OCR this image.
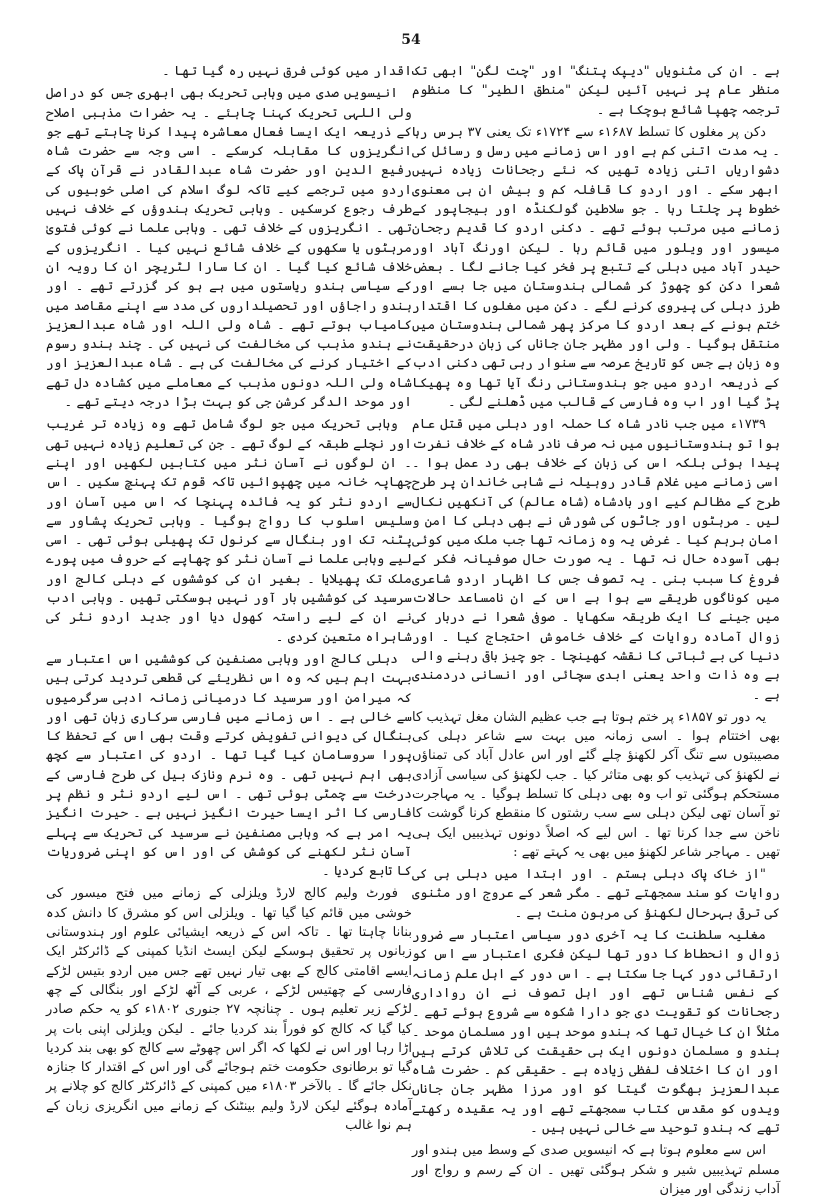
54

ہے ۔ ان کی مثنویاں "دیپک پتنگ" اور "چت لگن" ابھی تک منظر عام پر نہیں آئیں لیکن "منطق الطیر" کا منظوم ترجمہ چھپا شائع ہوچکا ہے ۔

دکن پر مغلوں کا تسلط ۱۶۸۷ء سے ۱۷۲۴ء تک یعنی ۳۷ برس رہا ۔ یہ مدت اتنی کم ہے اور اس زمانے میں رسل و رسائل کی دشواریاں اتنی زیادہ تھیں کہ نئے رجحانات زیادہ نہیں ابھر سکے ۔ اور اردو کا قافلہ کم و بیش ان ہی معنوی خطوط پر چلتا رہا ۔ جو سلاطین گولکنڈہ اور بیجاپور کے زمانے میں مرتب ہوئے تھے ۔ دکنی اردو کا قدیم رجحان میسور اور ویلور میں قائم رہا ۔ لیکن اورنگ آباد اور حیدر آباد میں دہلی کے تتبع پر فخر کیا جانے لگا ۔ بعض شعرا دکن کو چھوڑ کر شمالی ہندوستان میں جا بسے اور طرز دہلی کی پیروی کرنے لگے ۔ دکن میں مغلوں کا اقتدار ختم ہونے کے بعد اردو کا مرکز پھر شمالی ہندوستان میں منتقل ہوگیا ۔ ولی اور مظہر جان جاناں کی زبان درحقیقت وہ زبان ہے جس کو تاریخ عرصہ سے سنوار رہی تھی دکنی ادب کے ذریعہ اردو میں جو ہندوستانی رنگ آیا تھا وہ پھیکا پڑ گیا اور اب وہ فارسی کے قالب میں ڈھلنے لگی ۔

۱۷۳۹ء میں جب نادر شاہ کا حملہ اور دہلی میں قتل عام ہوا تو ہندوستانیوں میں نہ صرف نادر شاہ کے خلاف نفرت پیدا ہوئی بلکہ اس کی زبان کے خلاف بھی رد عمل ہوا ۔ اسی زمانے میں غلام قادر روہیلہ نے شاہی خاندان پر طرح طرح کے مظالم کیے اور بادشاہ (شاہ عالم) کی آنکھیں نکال لیں ۔ مرہٹوں اور جاٹوں کی شورش نے بھی دہلی کا امن و امان برہم کیا ۔ غرض یہ وہ زمانہ تھا جب ملک میں کوئی بھی آسودہ حال نہ تھا ۔ یہ صورت حال صوفیانہ فکر کے فروغ کا سبب بنی ۔ یہ تصوف جس کا اظہار اردو شاعری میں کوناگوں طریقے سے ہوا ہے اس کے ان نامساعد حالات میں جینے کا ایک طریقہ سکھایا ۔ صوفی شعرا نے دربار کی زوال آمادہ روایات کے خلاف خاموش احتجاج کیا ۔ اور دنیا کی بے ثباتی کا نقشہ کھینچا ۔ جو چیز باقی رہنے والی ہے وہ ذات واحد یعنی ابدی سچائی اور انسانی دردمندی ہے ۔

یہ دور تو ۱۸۵۷ء پر ختم ہوتا ہے جب عظیم الشان مغل تہذیب کا بھی اختتام ہوا ۔ اسی زمانہ میں بہت سے شاعر دہلی کی مصیبتوں سے تنگ آکر لکھنؤ چلے گئے اور اس عادل آباد کی تمناؤں نے لکھنؤ کی تہذیب کو بھی متاثر کیا ۔ جب لکھنؤ کی سیاسی آزادی مستحکم ہوگئی تو اب وہ بھی دہلی کا تسلط ہوگیا ۔ یہ مہاجرت تو آسان تھی لیکن دہلی سے سب رشتوں کا منقطع کرنا گوشت کا ناخن سے جدا کرنا تھا ۔ اس لیے کہ اصلاً دونوں تہذیبیں ایک ہی تھیں ۔ مہاجر شاعر لکھنؤ میں بھی یہ کہتے تھے :

"از خاک پاک دہلی ہستم ۔ اور ابتدا میں دہلی ہی کی روایات کو سند سمجھتے تھے ۔ مگر شعر کے عروج اور مثنوی کی ترقی بہرحال لکھنؤ کی مرہون منت ہے ۔

مغلیہ سلطنت کا یہ آخری دور سیاسی اعتبار سے ضرور زوال و انحطاط کا دور تھا لیکن فکری اعتبار سے اس کو ارتقائی دور کہا جا سکتا ہے ۔ اس دور کے اہل علم زمانہ کے نفس شناس تھے اور اہل تصوف نے ان رواداری رجحانات کو تقویت دی جو دارا شکوہ سے شروع ہوئے تھے ۔ مثلاً ان کا خیال تھا کہ ہندو موحد ہیں اور مسلمان موحد ۔ ہندو و مسلمان دونوں ایک ہی حقیقت کی تلاش کرتے ہیں اور ان کا اختلاف لفظی زیادہ ہے ۔ حقیقی کم ۔ حضرت شاہ عبدالعزیز بھگوت گیتا کو اور مرزا مظہر جان جاناں ویدوں کو مقدس کتاب سمجھتے تھے اور یہ عقیدہ رکھتے تھے کہ ہندو توحید سے خالی نہیں ہیں ۔

اس سے معلوم ہوتا ہے کہ انیسویں صدی کے وسط میں ہندو اور مسلم تہذیبیں شیر و شکر ہوگئی تھیں ۔ ان کے رسم و رواج اور آداب زندگی اور میزان

اقدار میں کوئی فرق نہیں رہ گیا تھا ۔

انیسویں صدی میں وہابی تحریک بھی ابھری جس کو دراصل ولی اللہی تحریک کہنا چاہئے ۔ یہ حضرات مذہبی اصلاح کے ذریعہ ایک ایسا فعال معاشرہ پیدا کرنا چاہتے تھے جو انگریزوں کا مقابلہ کرسکے ۔ اسی وجہ سے حضرت شاہ رفیع الدین اور حضرت شاہ عبدالقادر نے قرآن پاک کے اردو میں ترجمے کیے تاکہ لوگ اسلام کی اصلی خوبیوں کی طرف رجوع کرسکیں ۔ وہابی تحریک ہندوؤں کے خلاف نہیں تھی ۔ انگریزوں کے خلاف تھی ۔ وہابی علما نے کوئی فتویٰ مرہٹوں یا سکھوں کے خلاف شائع نہیں کیا ۔ انگریزوں کے خلاف شائع کیا گیا ۔ ان کا سارا لٹریچر ان کا رویہ ان کے سیاسی ہندو ریاستوں میں ہے ہو کر گزرتے تھے ۔ اور ہندو راجاؤں اور تحصیلداروں کی مدد سے اپنے مقاصد میں کامیاب ہوتے تھے ۔ شاہ ولی اللہ اور شاہ عبدالعزیز نے ہندو مذہب کی مخالفت کی نہیں کی ۔ چند ہندو رسوم کے اختیار کرنے کی مخالفت کی ہے ۔ شاہ عبدالعزیز اور شاہ ولی اللہ دونوں مذہب کے معاملے میں کشادہ دل تھے اور موحد الدگر کرشن جی کو بہت بڑا درجہ دیتے تھے ۔

وہابی تحریک میں جو لوگ شامل تھے وہ زیادہ تر غریب اور نچلے طبقہ کے لوگ تھے ۔ جن کی تعلیم زیادہ نہیں تھی ۔ ان لوگوں نے آسان نثر میں کتابیں لکھیں اور اپنے چھاپہ خانہ میں چھپوائیں تاکہ قوم تک پہنچ سکیں ۔ اس سے اردو نثر کو یہ فائدہ پہنچا کہ اس میں آسان اور سلیس اسلوب کا رواج ہوگیا ۔ وہابی تحریک پشاور سے پٹنہ تک اور بنگال سے کرنول تک پھیلی ہوئی تھی ۔ اسی لیے وہابی علما نے آسان نثر کو چھاپے کے حروف میں پورے ملک تک پھیلایا ۔ بغیر ان کی کوششوں کے دہلی کالج اور سرسید کی کوششیں بار آور نہیں ہوسکتی تھیں ۔ وہابی ادب نے ان کے لیے راستہ کھول دیا اور جدید اردو نثر کی شاہراہ متعین کردی ۔

دہلی کالج اور وہابی مصنفین کی کوششیں اس اعتبار سے بہت اہم ہیں کہ وہ اس نظریئے کی قطعی تردید کرتی ہیں کہ میرامن اور سرسید کا درمیانی زمانہ ادبی سرگرمیوں سے خالی ہے ۔ اس زمانے میں فارسی سرکاری زبان تھی اور بنگال کی دیوانی تفویض کرتے وقت بھی اس کے تحفظ کا پورا سروسامان کیا گیا تھا ۔ اردو کی اعتبار سے کچھ بھی اہم نہیں تھی ۔ وہ نرم ونازک بیل کی طرح فارسی کے درخت سے چمٹی ہوئی تھی ۔ اس لیے اردو نثر و نظم پر فارسی کا اثر ایسا حیرت انگیز نہیں ہے ۔ حیرت انگیز یہ امر ہے کہ وہابی مصنفین نے سرسید کی تحریک سے پہلے آسان نثر لکھنے کی کوشش کی اور اس کو اپنی ضروریات کا تابع کردیا ۔

فورٹ ولیم کالج لارڈ ویلزلی کے زمانے میں فتح میسور کی خوشی میں قائم کیا گیا تھا ۔ ویلزلی اس کو مشرق کا دانش کدہ بنانا چاہتا تھا ۔ تاکہ اس کے ذریعہ ایشیائی علوم اور ہندوستانی زبانوں پر تحقیق ہوسکے لیکن ایسٹ انڈیا کمپنی کے ڈائرکٹر ایک ایسے اقامتی کالج کے بھی تیار نہیں تھے جس میں اردو بتیس لڑکے فارسی کے چھتیس لڑکے ، عربی کے آٹھ لڑکے اور بنگالی کے چھ لڑکے زیر تعلیم ہوں ۔ چنانچہ ۲۷ جنوری ۱۸۰۲ء کو یہ حکم صادر کیا گیا کہ کالج کو فوراً بند کردیا جائے ۔ لیکن ویلزلی اپنی بات پر اڑا رہا اور اس نے لکھا کہ اگر اس چھوٹے سے کالج کو بھی بند کردیا گیا تو برطانوی حکومت ختم ہوجائے گی اور اس کے اقتدار کا جنازہ نکل جائے گا ۔ بالآخر ۱۸۰۳ء میں کمپنی کے ڈائرکٹر کالج کو چلانے پر آمادہ ہوگئے لیکن لارڈ ولیم بینٹنک کے زمانے میں انگریزی زبان کے ہم نوا غالب
